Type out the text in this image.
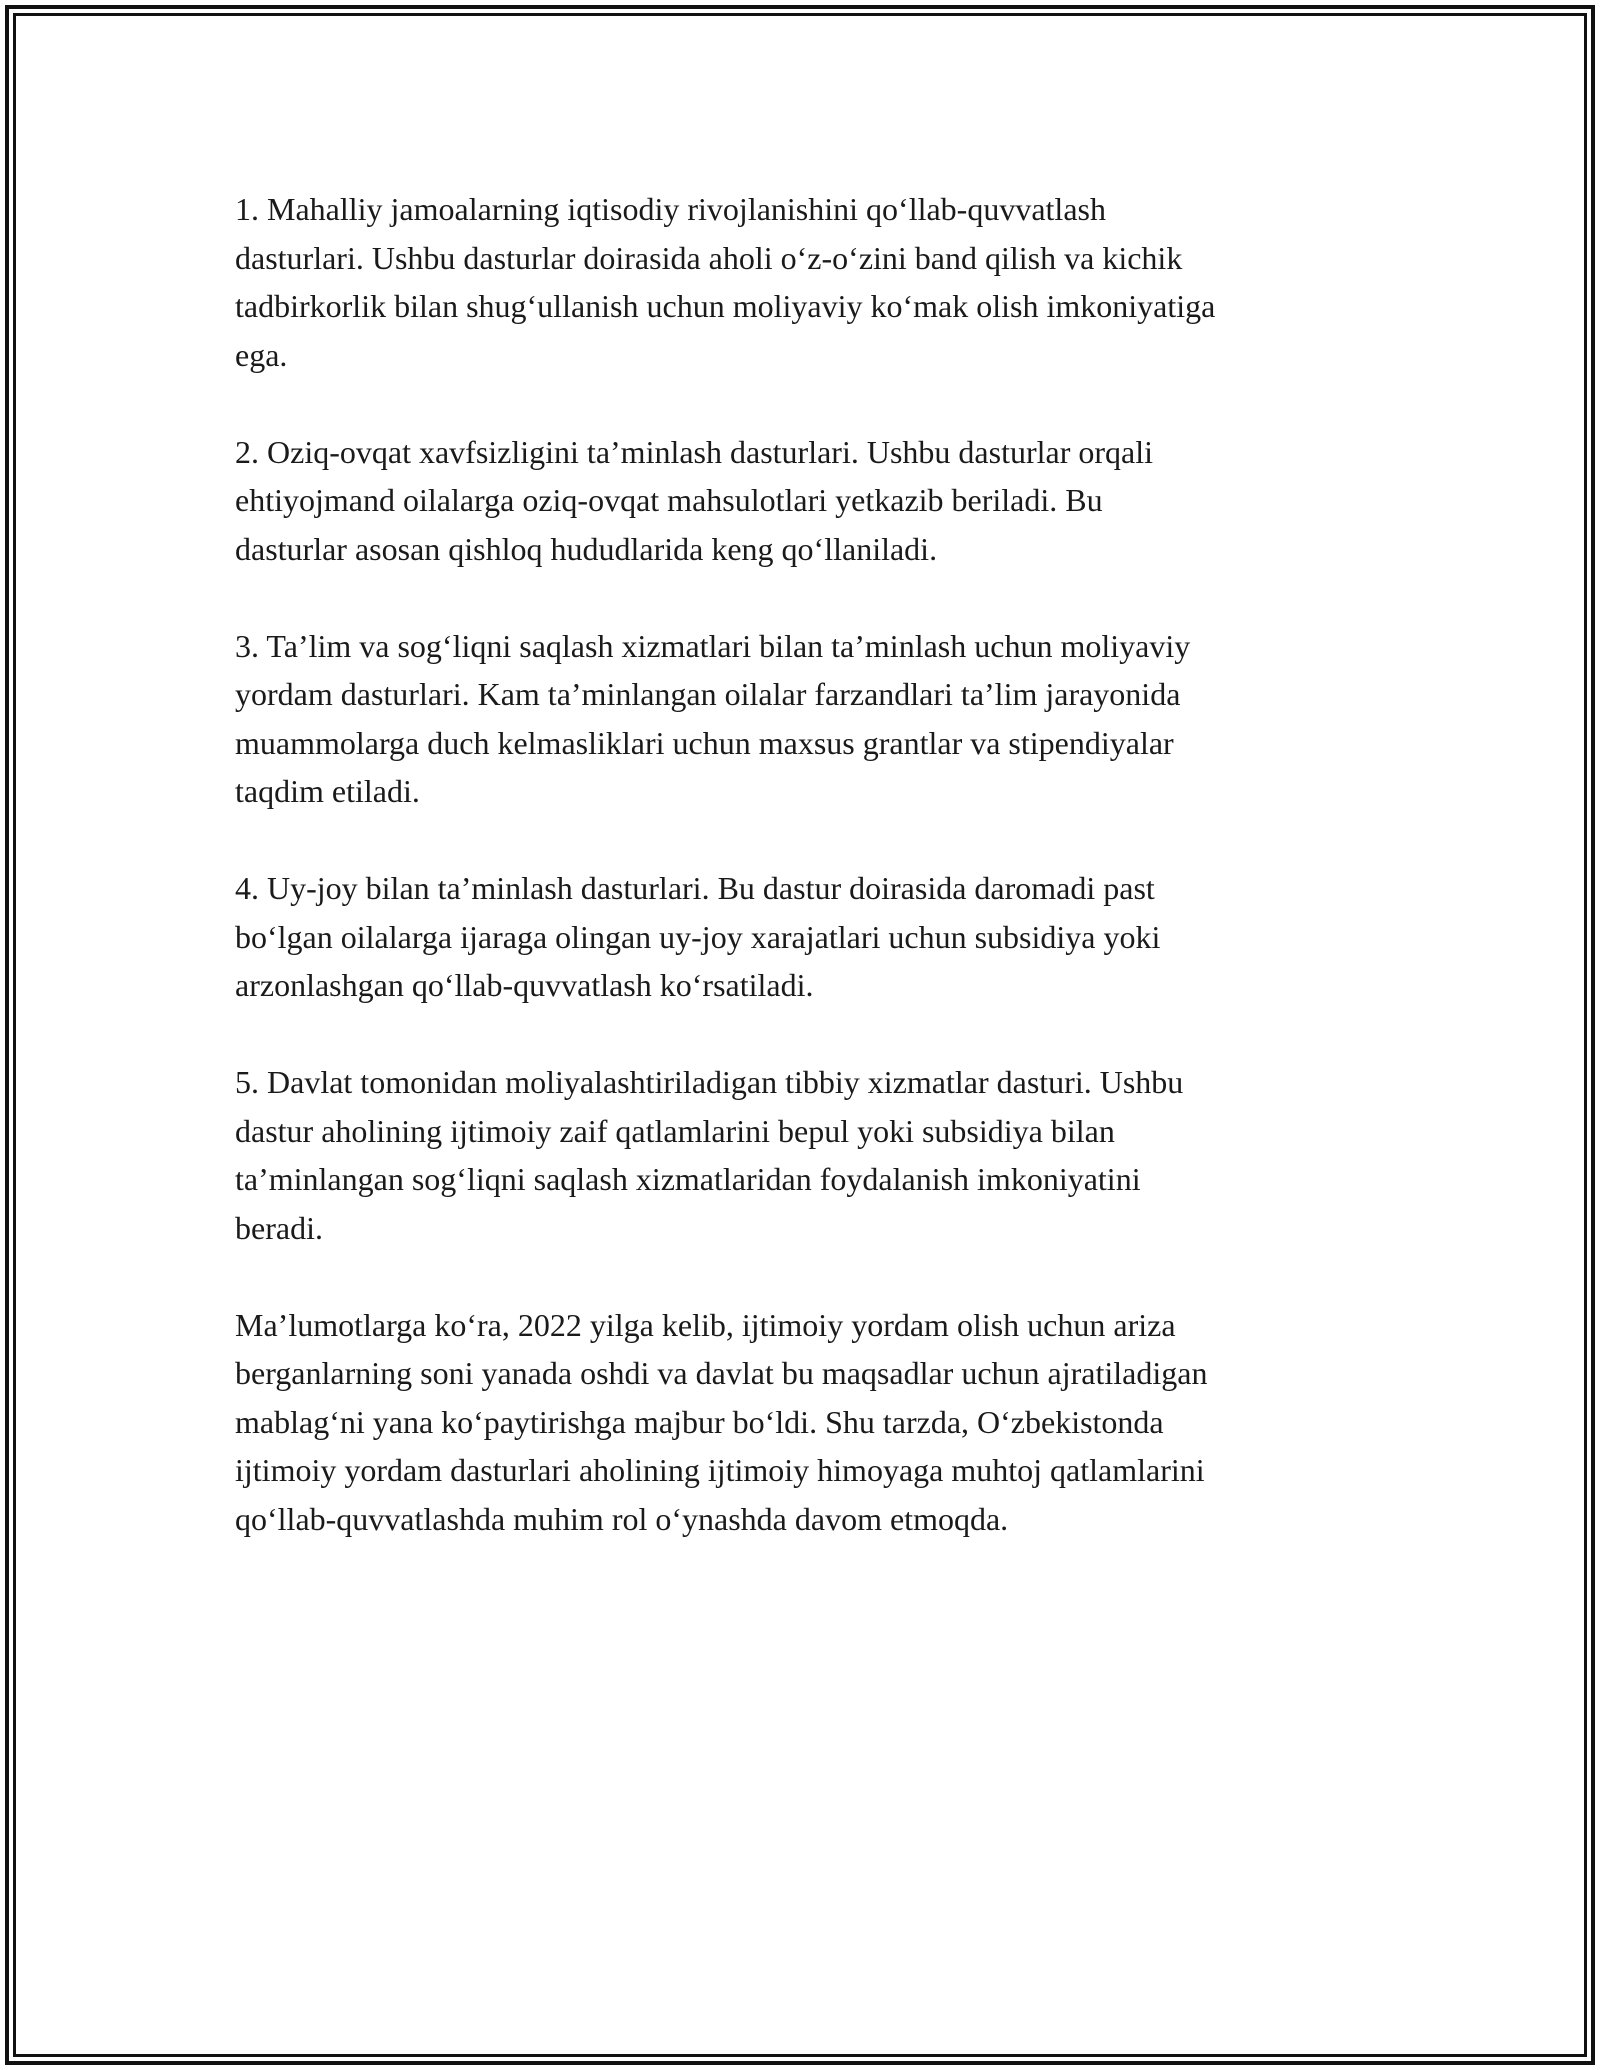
1. Mahalliy jamoalarning iqtisodiy rivojlanishini qo‘llab-quvvatlash
dasturlari. Ushbu dasturlar doirasida aholi o‘z-o‘zini band qilish va kichik
tadbirkorlik bilan shug‘ullanish uchun moliyaviy ko‘mak olish imkoniyatiga
ega.

2. Oziq-ovqat xavfsizligini ta’minlash dasturlari. Ushbu dasturlar orqali
ehtiyojmand oilalarga oziq-ovqat mahsulotlari yetkazib beriladi. Bu
dasturlar asosan qishloq hududlarida keng qo‘llaniladi.

3. Ta’lim va sog‘liqni saqlash xizmatlari bilan ta’minlash uchun moliyaviy
yordam dasturlari. Kam ta’minlangan oilalar farzandlari ta’lim jarayonida
muammolarga duch kelmasliklari uchun maxsus grantlar va stipendiyalar
taqdim etiladi.

4. Uy-joy bilan ta’minlash dasturlari. Bu dastur doirasida daromadi past
bo‘lgan oilalarga ijaraga olingan uy-joy xarajatlari uchun subsidiya yoki
arzonlashgan qo‘llab-quvvatlash ko‘rsatiladi.

5. Davlat tomonidan moliyalashtiriladigan tibbiy xizmatlar dasturi. Ushbu
dastur aholining ijtimoiy zaif qatlamlarini bepul yoki subsidiya bilan
ta’minlangan sog‘liqni saqlash xizmatlaridan foydalanish imkoniyatini
beradi.

Ma’lumotlarga ko‘ra, 2022 yilga kelib, ijtimoiy yordam olish uchun ariza
berganlarning soni yanada oshdi va davlat bu maqsadlar uchun ajratiladigan
mablag‘ni yana ko‘paytirishga majbur bo‘ldi. Shu tarzda, O‘zbekistonda
ijtimoiy yordam dasturlari aholining ijtimoiy himoyaga muhtoj qatlamlarini
qo‘llab-quvvatlashda muhim rol o‘ynashda davom etmoqda.
